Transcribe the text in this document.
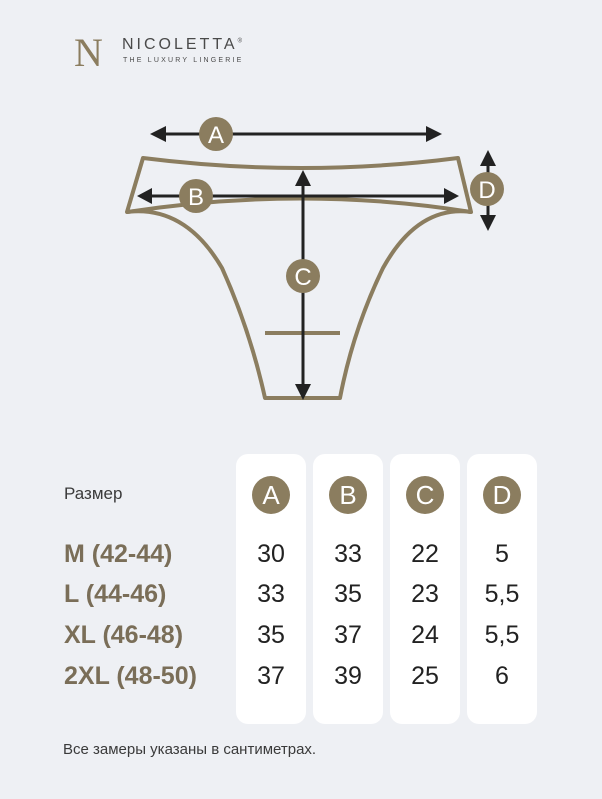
N NICOLETTA®
THE LUXURY LINGERIE
A
B
C
D
Размер
M (42-44)
L (44-46)
XL (46-48)
2XL (48-50)
A
30
33
35
37
B
33
35
37
39
C
22
23
24
25
D
5
5,5
5,5
6
Все замеры указаны в сантиметрах.
